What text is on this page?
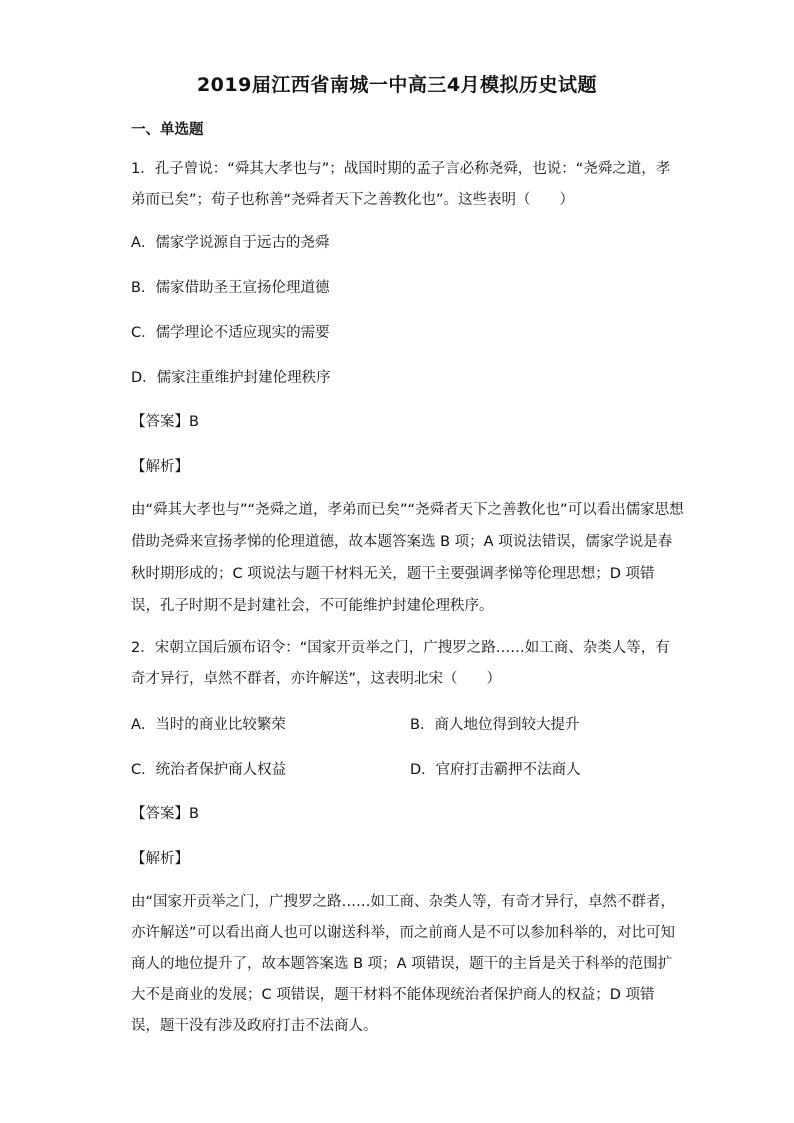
2019届江西省南城一中高三4月模拟历史试题
一、单选题
1．孔子曾说：“舜其大孝也与”；战国时期的孟子言必称尧舜，也说：“尧舜之道，孝
弟而已矣”；荀子也称善“尧舜者天下之善教化也”。这些表明（　　）
A．儒家学说源自于远古的尧舜
B．儒家借助圣王宣扬伦理道德
C．儒学理论不适应现实的需要
D．儒家注重维护封建伦理秩序
【答案】B
【解析】
由“舜其大孝也与”“尧舜之道，孝弟而已矣”“尧舜者天下之善教化也”可以看出儒家思想
借助尧舜来宣扬孝悌的伦理道德，故本题答案选 B 项；A 项说法错误，儒家学说是春
秋时期形成的；C 项说法与题干材料无关，题干主要强调孝悌等伦理思想；D 项错
误，孔子时期不是封建社会，不可能维护封建伦理秩序。
2．宋朝立国后颁布诏令：“国家开贡举之门，广搜罗之路……如工商、杂类人等，有
奇才异行，卓然不群者，亦许解送”，这表明北宋（　　）
A．当时的商业比较繁荣	B．商人地位得到较大提升
C．统治者保护商人权益	D．官府打击霸押不法商人
【答案】B
【解析】
由“国家开贡举之门，广搜罗之路……如工商、杂类人等，有奇才异行，卓然不群者，
亦许解送”可以看出商人也可以谢送科举，而之前商人是不可以参加科举的，对比可知
商人的地位提升了，故本题答案选 B 项；A 项错误，题干的主旨是关于科举的范围扩
大不是商业的发展；C 项错误，题干材料不能体现统治者保护商人的权益；D 项错
误，题干没有涉及政府打击不法商人。
